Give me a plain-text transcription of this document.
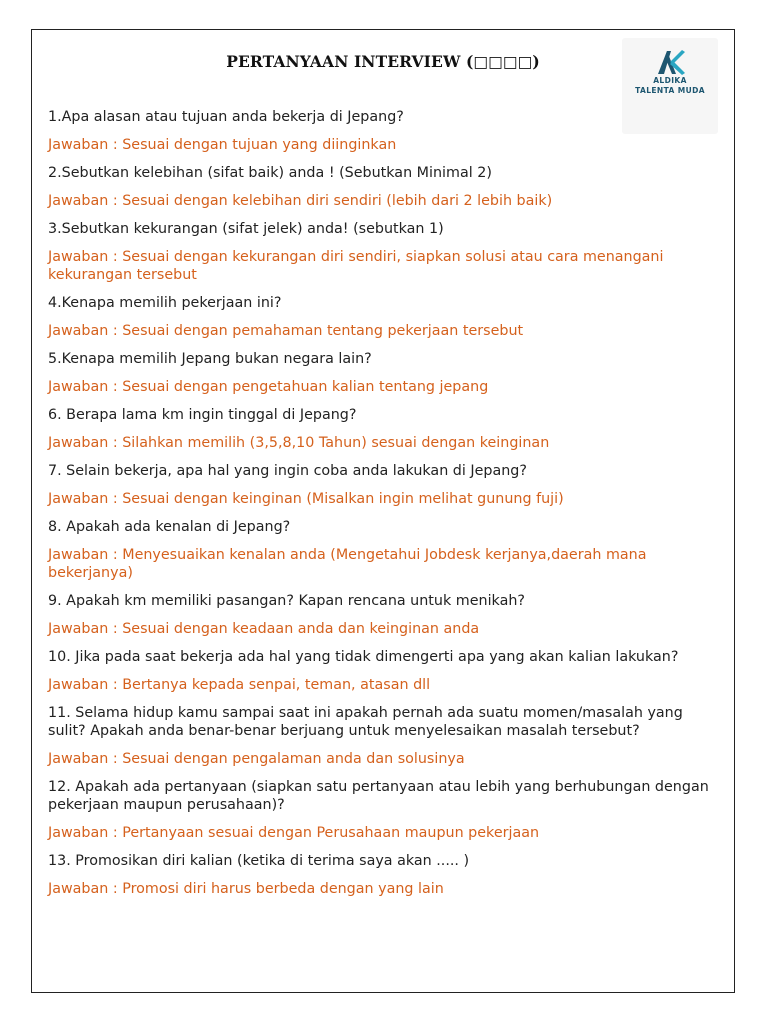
PERTANYAAN INTERVIEW (□□□□)
ALDIKA
TALENTA MUDA

1.Apa alasan atau tujuan anda bekerja di Jepang?

Jawaban : Sesuai dengan tujuan yang diinginkan

2.Sebutkan kelebihan (sifat baik) anda ! (Sebutkan Minimal 2)

Jawaban : Sesuai dengan kelebihan diri sendiri (lebih dari 2 lebih baik)

3.Sebutkan kekurangan (sifat jelek) anda! (sebutkan 1)

Jawaban : Sesuai dengan kekurangan diri sendiri, siapkan solusi atau cara menangani kekurangan tersebut

4.Kenapa memilih pekerjaan ini?

Jawaban : Sesuai dengan pemahaman tentang pekerjaan tersebut

5.Kenapa memilih Jepang bukan negara lain?

Jawaban : Sesuai dengan pengetahuan kalian tentang jepang

6. Berapa lama km ingin tinggal di Jepang?

Jawaban : Silahkan memilih (3,5,8,10 Tahun) sesuai dengan keinginan

7. Selain bekerja, apa hal yang ingin coba anda lakukan di Jepang?

Jawaban : Sesuai dengan keinginan (Misalkan ingin melihat gunung fuji)

8. Apakah ada kenalan di Jepang?

Jawaban : Menyesuaikan kenalan anda (Mengetahui Jobdesk kerjanya,daerah mana bekerjanya)

9. Apakah km memiliki pasangan? Kapan rencana untuk menikah?

Jawaban : Sesuai dengan keadaan anda dan keinginan anda

10. Jika pada saat bekerja ada hal yang tidak dimengerti apa yang akan kalian lakukan?

Jawaban : Bertanya kepada senpai, teman, atasan dll

11. Selama hidup kamu sampai saat ini apakah pernah ada suatu momen/masalah yang sulit? Apakah anda benar-benar berjuang untuk menyelesaikan masalah tersebut?

Jawaban : Sesuai dengan pengalaman anda dan solusinya

12. Apakah ada pertanyaan (siapkan satu pertanyaan atau lebih yang berhubungan dengan pekerjaan maupun perusahaan)?

Jawaban : Pertanyaan sesuai dengan Perusahaan maupun pekerjaan

13. Promosikan diri kalian (ketika di terima saya akan ..... )

Jawaban : Promosi diri harus berbeda dengan yang lain
